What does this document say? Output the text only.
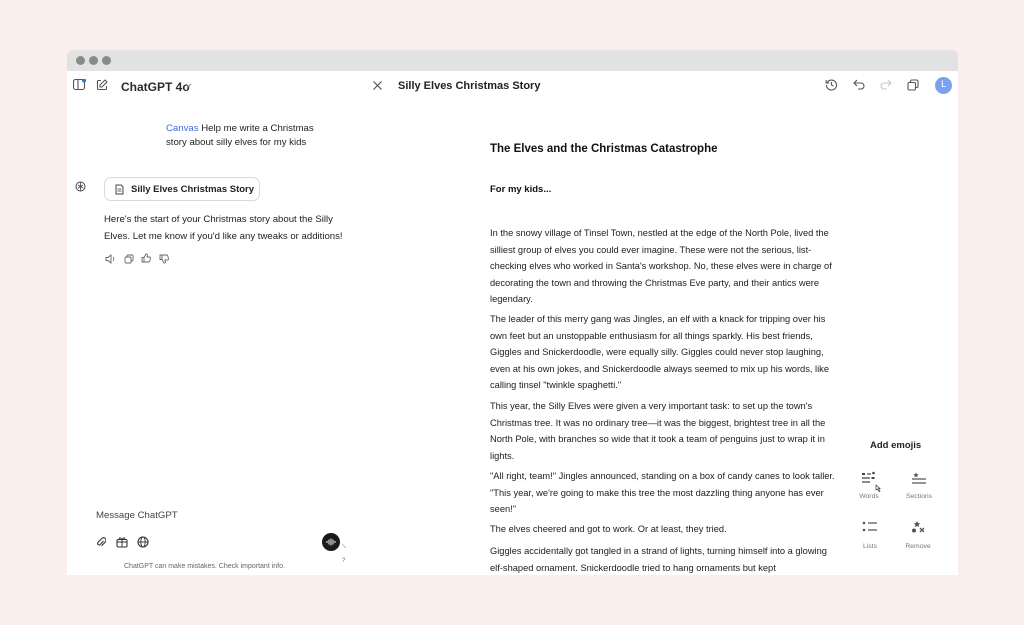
ChatGPT 4o	Silly Elves Christmas Story	L
Canvas Help me write a Christmas story about silly elves for my kids
Silly Elves Christmas Story
Here's the start of your Christmas story about the Silly Elves. Let me know if you'd like any tweaks or additions!
Message ChatGPT
ChatGPT can make mistakes. Check important info.
?
The Elves and the Christmas Catastrophe
For my kids...
In the snowy village of Tinsel Town, nestled at the edge of the North Pole, lived the silliest group of elves you could ever imagine. These were not the serious, list-checking elves who worked in Santa's workshop. No, these elves were in charge of decorating the town and throwing the Christmas Eve party, and their antics were legendary.
The leader of this merry gang was Jingles, an elf with a knack for tripping over his own feet but an unstoppable enthusiasm for all things sparkly. His best friends, Giggles and Snickerdoodle, were equally silly. Giggles could never stop laughing, even at his own jokes, and Snickerdoodle always seemed to mix up his words, like calling tinsel "twinkle spaghetti."
This year, the Silly Elves were given a very important task: to set up the town's Christmas tree. It was no ordinary tree—it was the biggest, brightest tree in all the North Pole, with branches so wide that it took a team of penguins just to wrap it in lights.
"All right, team!" Jingles announced, standing on a box of candy canes to look taller. "This year, we're going to make this tree the most dazzling thing anyone has ever seen!"
The elves cheered and got to work. Or at least, they tried.
Giggles accidentally got tangled in a strand of lights, turning himself into a glowing elf-shaped ornament. Snickerdoodle tried to hang ornaments but kept
Add emojis
Words	Sections
Lists	Remove
